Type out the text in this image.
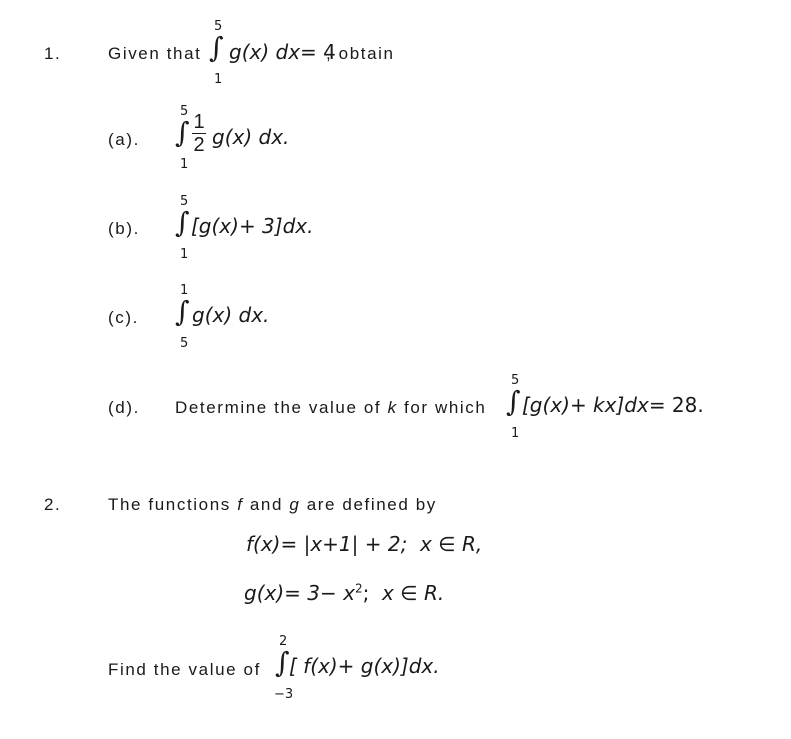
1.	Given that
5
∫
1
g(x) dx= 4
, obtain
(a).
5
∫
1
$\frac{1}{2} g(x)$ dx.
(b).
5
∫
1
[g(x)+ 3]dx.
(c).
1
∫
5
g(x) dx.
(d). Determine the value of k for which
5
∫
1
[g(x)+ kx]dx= 28.
2.	The functions f and g are defined by
f(x)= |x+1| + 2; x ∈ R,
$g(x)= 3- x^2$; x ∈ R.
Find the value of
2
∫
−3
[ f(x)+ g(x)]dx.
